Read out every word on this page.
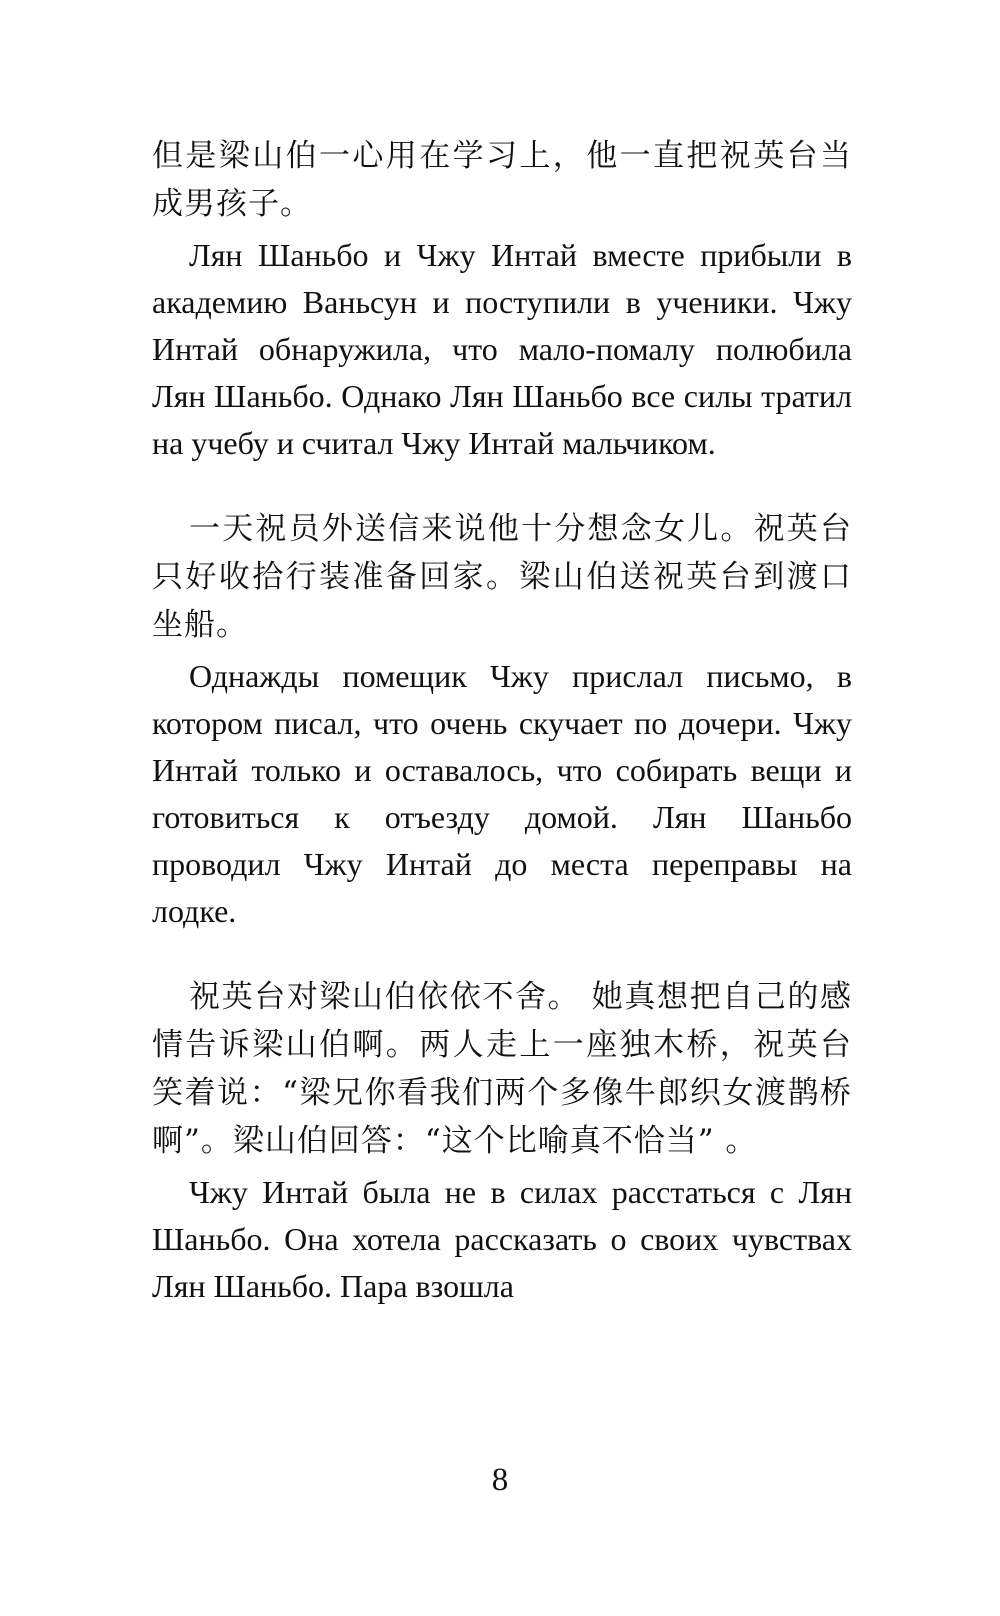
但是梁山伯一心用在学习上，他一直把祝英台当成男孩子。

Лян Шаньбо и Чжу Интай вместе прибыли в академию Ваньсун и поступили в ученики. Чжу Интай обнаружила, что мало-помалу полюбила Лян Шаньбо. Однако Лян Шаньбо все силы тратил на учебу и считал Чжу Интай мальчиком.

一天祝员外送信来说他十分想念女儿。祝英台只好收拾行装准备回家。梁山伯送祝英台到渡口坐船。

Однажды помещик Чжу прислал письмо, в котором писал, что очень скучает по дочери. Чжу Интай только и оставалось, что собирать вещи и готовиться к отъезду домой. Лян Шаньбо проводил Чжу Интай до места переправы на лодке.

祝英台对梁山伯依依不舍。 她真想把自己的感情告诉梁山伯啊。两人走上一座独木桥，祝英台笑着说：“梁兄你看我们两个多像牛郎织女渡鹊桥啊”。梁山伯回答：“这个比喻真不恰当” 。

Чжу Интай была не в силах расстаться с Лян Шаньбо. Она хотела рассказать о своих чувствах Лян Шаньбо. Пара взошла

8
